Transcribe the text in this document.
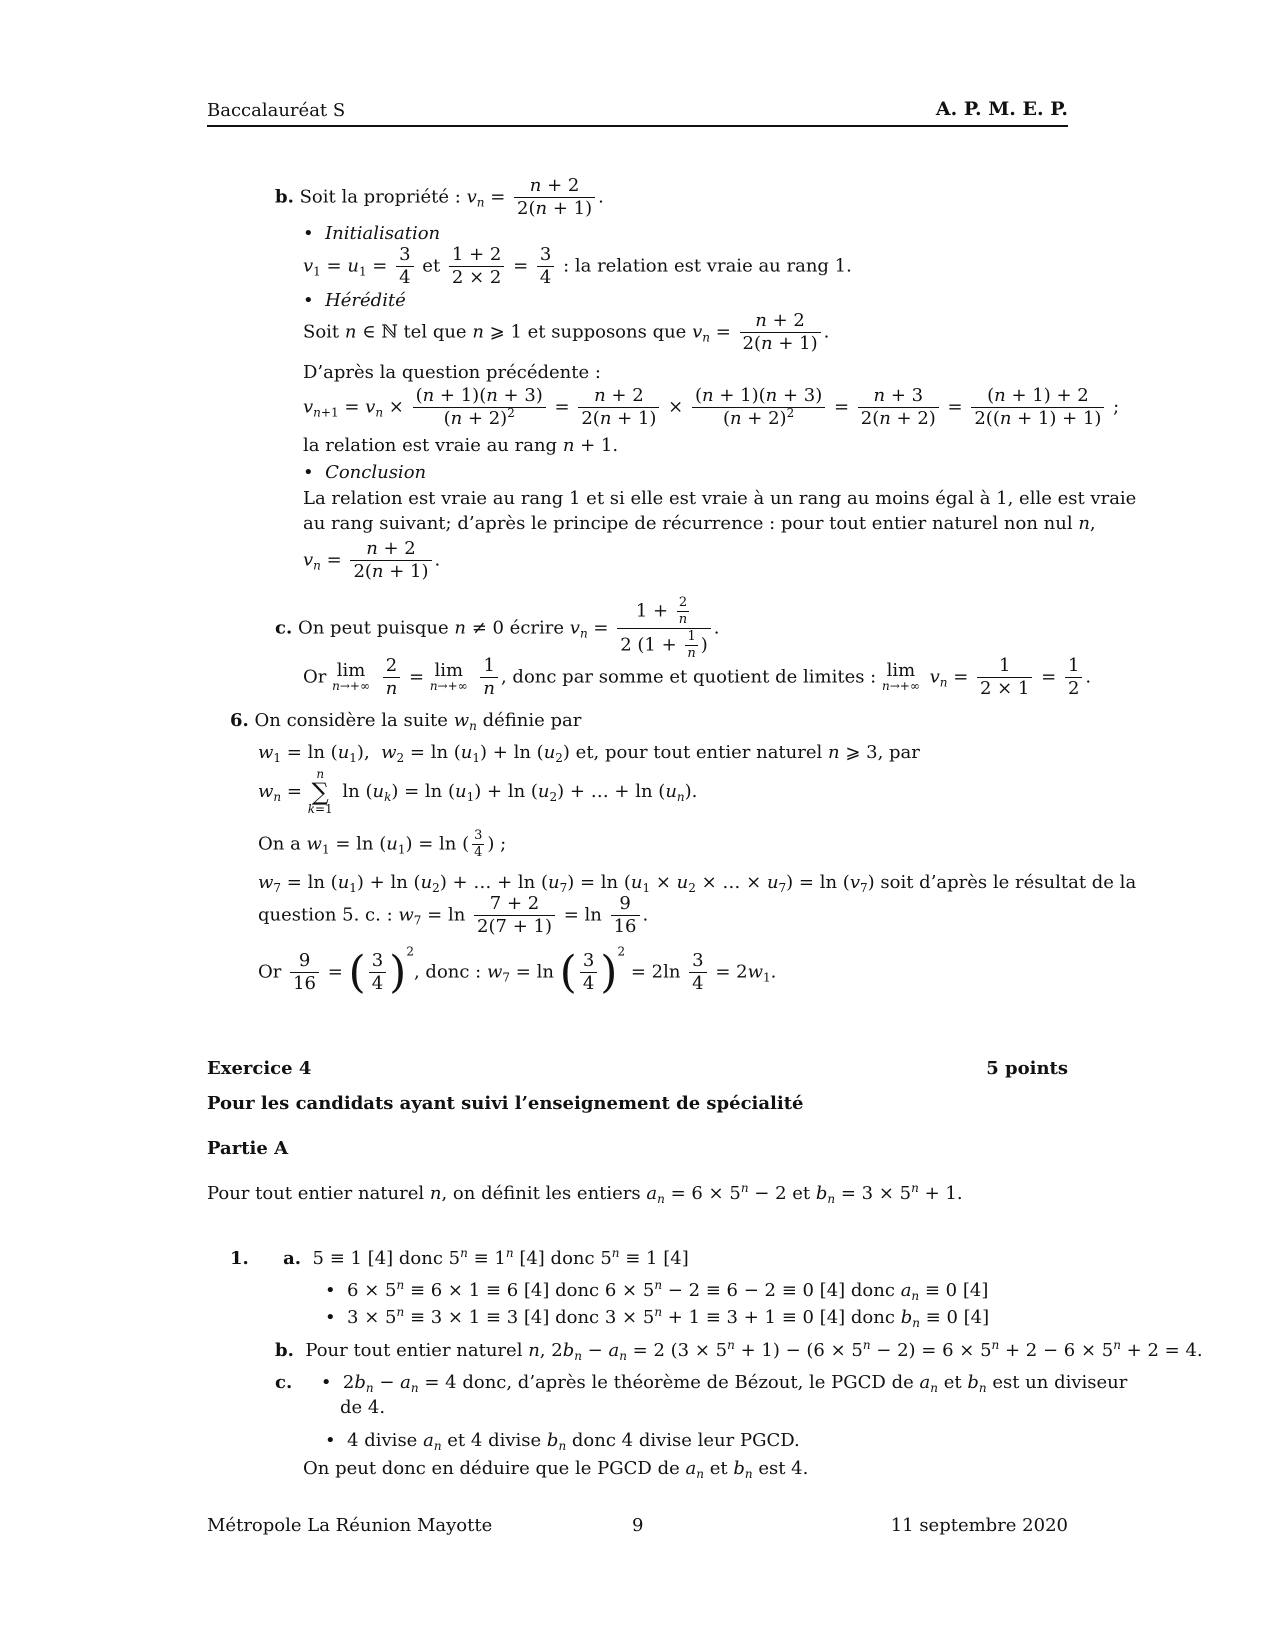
Baccalauréat S	A. P. M. E. P.
b. Soit la propriété : $v_n = \frac{n + 2}{2(n + 1)}$ .
•  Initialisation
$v_1 = u_1 = \frac{3}{4}$ et $\frac{1 + 2}{2 \times 2} = \frac{3}{4}$ : la relation est vraie au rang 1.
•  Hérédité
Soit n ∈ ℕ tel que n ⩾ 1 et supposons que $v_n = \frac{n + 2}{2(n + 1)}$ .
D’après la question précédente :
$v_{n+1} = v_n \times \frac{(n + 1)(n + 3)}{(n + 2)^2} = \frac{n + 2}{2(n + 1)} \times \frac{(n + 1)(n + 3)}{(n + 2)^2} = \frac{n + 3}{2(n + 2)} = \frac{(n + 1) + 2}{2((n + 1) + 1)}$ ;
la relation est vraie au rang n + 1.
•  Conclusion
La relation est vraie au rang 1 et si elle est vraie à un rang au moins égal à 1, elle est vraie
au rang suivant; d’après le principe de récurrence : pour tout entier naturel non nul n,
$v_n = \frac{n + 2}{2(n + 1)}$ .
c. On peut puisque n ≠ 0 écrire $v_n = \frac{1 + \frac{2}{n}}{2 (1 + \frac{1}{n} )}$ .
Or lim
n→+∞
$\frac{2}{n} = \lim$
n→+∞
$\frac{1}{n}$ , donc par somme et quotient de limites : lim
n→+∞ $v_n = \frac{1}{2 \times 1} = \frac{1}{2}$ .
6. On considère la suite $w_n$ définie par
$w_1 = \ln (u_1)$,  $w_2 = \ln (u_1) + \ln (u_2)$ et, pour tout entier naturel n ⩾ 3, par
$w_n$ =
n
∑
k=1
$\ln (u_k) = \ln (u_1) + \ln (u_2)$ + … + $\ln (u_n)$.
On a $w_1 = \ln (u_1) = \ln$ ( $\frac{3}{4}$ ) ;
$w_7 = \ln (u_1) + \ln (u_2)$ + … + $\ln (u_7) = \ln (u_1 \times u_2$ × … × $u_7) = \ln (v_7)$ soit d’après le résultat de la
question 5. c. : $w_7 = \ln \frac{7 + 2}{2(7 + 1)} = \ln \frac{9}{16}$ .
Or $\frac{9}{16}$ = ( $\frac{3}{4} )^2$, donc : $w_7 = \ln$ ( $\frac{3}{4} )^2 = 2\ln \frac{3}{4} = 2w_1$.
Exercice 4	5 points
Pour les candidats ayant suivi l’enseignement de spécialité
Partie A
Pour tout entier naturel n, on définit les entiers $a_n = 6 \times 5^n - 2$ et $b_n = 3 \times 5^n + 1$.
1. a.  5 ≡ 1 [4] donc $5^n \equiv 1^n$ [4] donc $5^n \equiv 1$ [4]
•  $6 \times 5^n \equiv 6 \times 1 \equiv 6$ [4] donc $6 \times 5^n - 2 \equiv 6 - 2 \equiv 0$ [4] donc $a_n \equiv 0$ [4]
•  $3 \times 5^n \equiv 3 \times 1 \equiv 3$ [4] donc $3 \times 5^n + 1 \equiv 3 + 1 \equiv 0$ [4] donc $b_n \equiv 0$ [4]
b. Pour tout entier naturel n, $2b_n - a_n = 2$ $(3 \times 5^n + 1) - (6 \times 5^n - 2) = 6 \times 5^n + 2 - 6 \times 5^n + 2 = 4$.
c.     •  $2b_n - a_n = 4$ donc, d’après le théorème de Bézout, le PGCD de $a_n$ et $b_n$ est un diviseur
de 4.
•  4 divise $a_n$ et 4 divise $b_n$ donc 4 divise leur PGCD.
On peut donc en déduire que le PGCD de $a_n$ et $b_n$ est 4.
Métropole La Réunion Mayotte	9	11 septembre 2020
